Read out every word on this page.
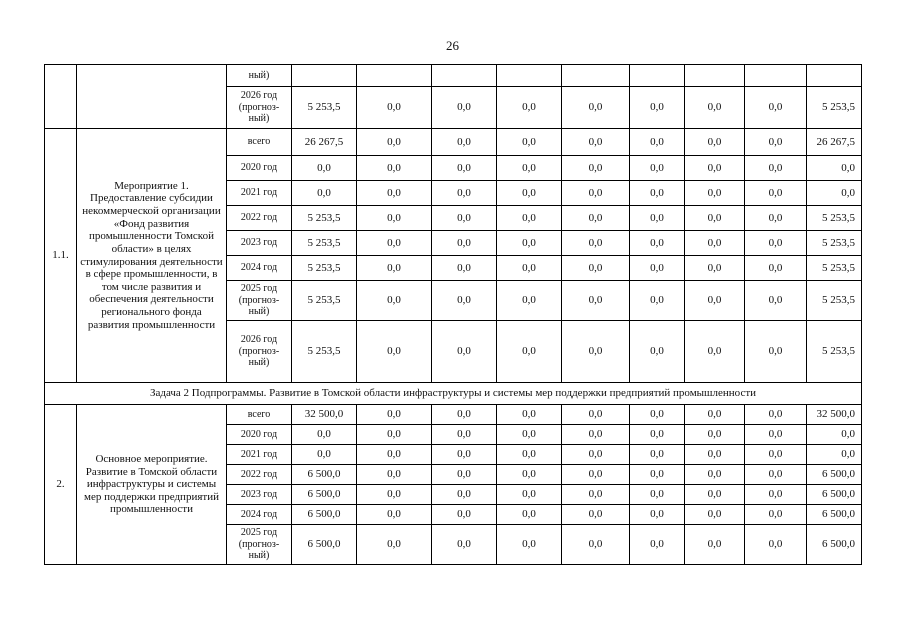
26
		ный)									
		2026 год (прогноз-ный)	5 253,5	0,0	0,0	0,0	0,0	0,0	0,0	0,0	5 253,5
1.1.	Мероприятие 1. Предоставление субсидии некоммерческой организации «Фонд развития промышленности Томской области» в целях стимулирования деятельности в сфере промышленности, в том числе развития и обеспечения деятельности регионального фонда развития промышленности	всего	26 267,5	0,0	0,0	0,0	0,0	0,0	0,0	0,0	26 267,5
		2020 год	0,0	0,0	0,0	0,0	0,0	0,0	0,0	0,0	0,0
		2021 год	0,0	0,0	0,0	0,0	0,0	0,0	0,0	0,0	0,0
		2022 год	5 253,5	0,0	0,0	0,0	0,0	0,0	0,0	0,0	5 253,5
		2023 год	5 253,5	0,0	0,0	0,0	0,0	0,0	0,0	0,0	5 253,5
		2024 год	5 253,5	0,0	0,0	0,0	0,0	0,0	0,0	0,0	5 253,5
		2025 год (прогноз-ный)	5 253,5	0,0	0,0	0,0	0,0	0,0	0,0	0,0	5 253,5
		2026 год (прогноз-ный)	5 253,5	0,0	0,0	0,0	0,0	0,0	0,0	0,0	5 253,5
Задача 2 Подпрограммы. Развитие в Томской области инфраструктуры и системы мер поддержки предприятий промышленности											
2.	Основное мероприятие. Развитие в Томской области инфраструктуры и системы мер поддержки предприятий промышленности	всего	32 500,0	0,0	0,0	0,0	0,0	0,0	0,0	0,0	32 500,0
		2020 год	0,0	0,0	0,0	0,0	0,0	0,0	0,0	0,0	0,0
		2021 год	0,0	0,0	0,0	0,0	0,0	0,0	0,0	0,0	0,0
		2022 год	6 500,0	0,0	0,0	0,0	0,0	0,0	0,0	0,0	6 500,0
		2023 год	6 500,0	0,0	0,0	0,0	0,0	0,0	0,0	0,0	6 500,0
		2024 год	6 500,0	0,0	0,0	0,0	0,0	0,0	0,0	0,0	6 500,0
		2025 год (прогноз-ный)	6 500,0	0,0	0,0	0,0	0,0	0,0	0,0	0,0	6 500,0
